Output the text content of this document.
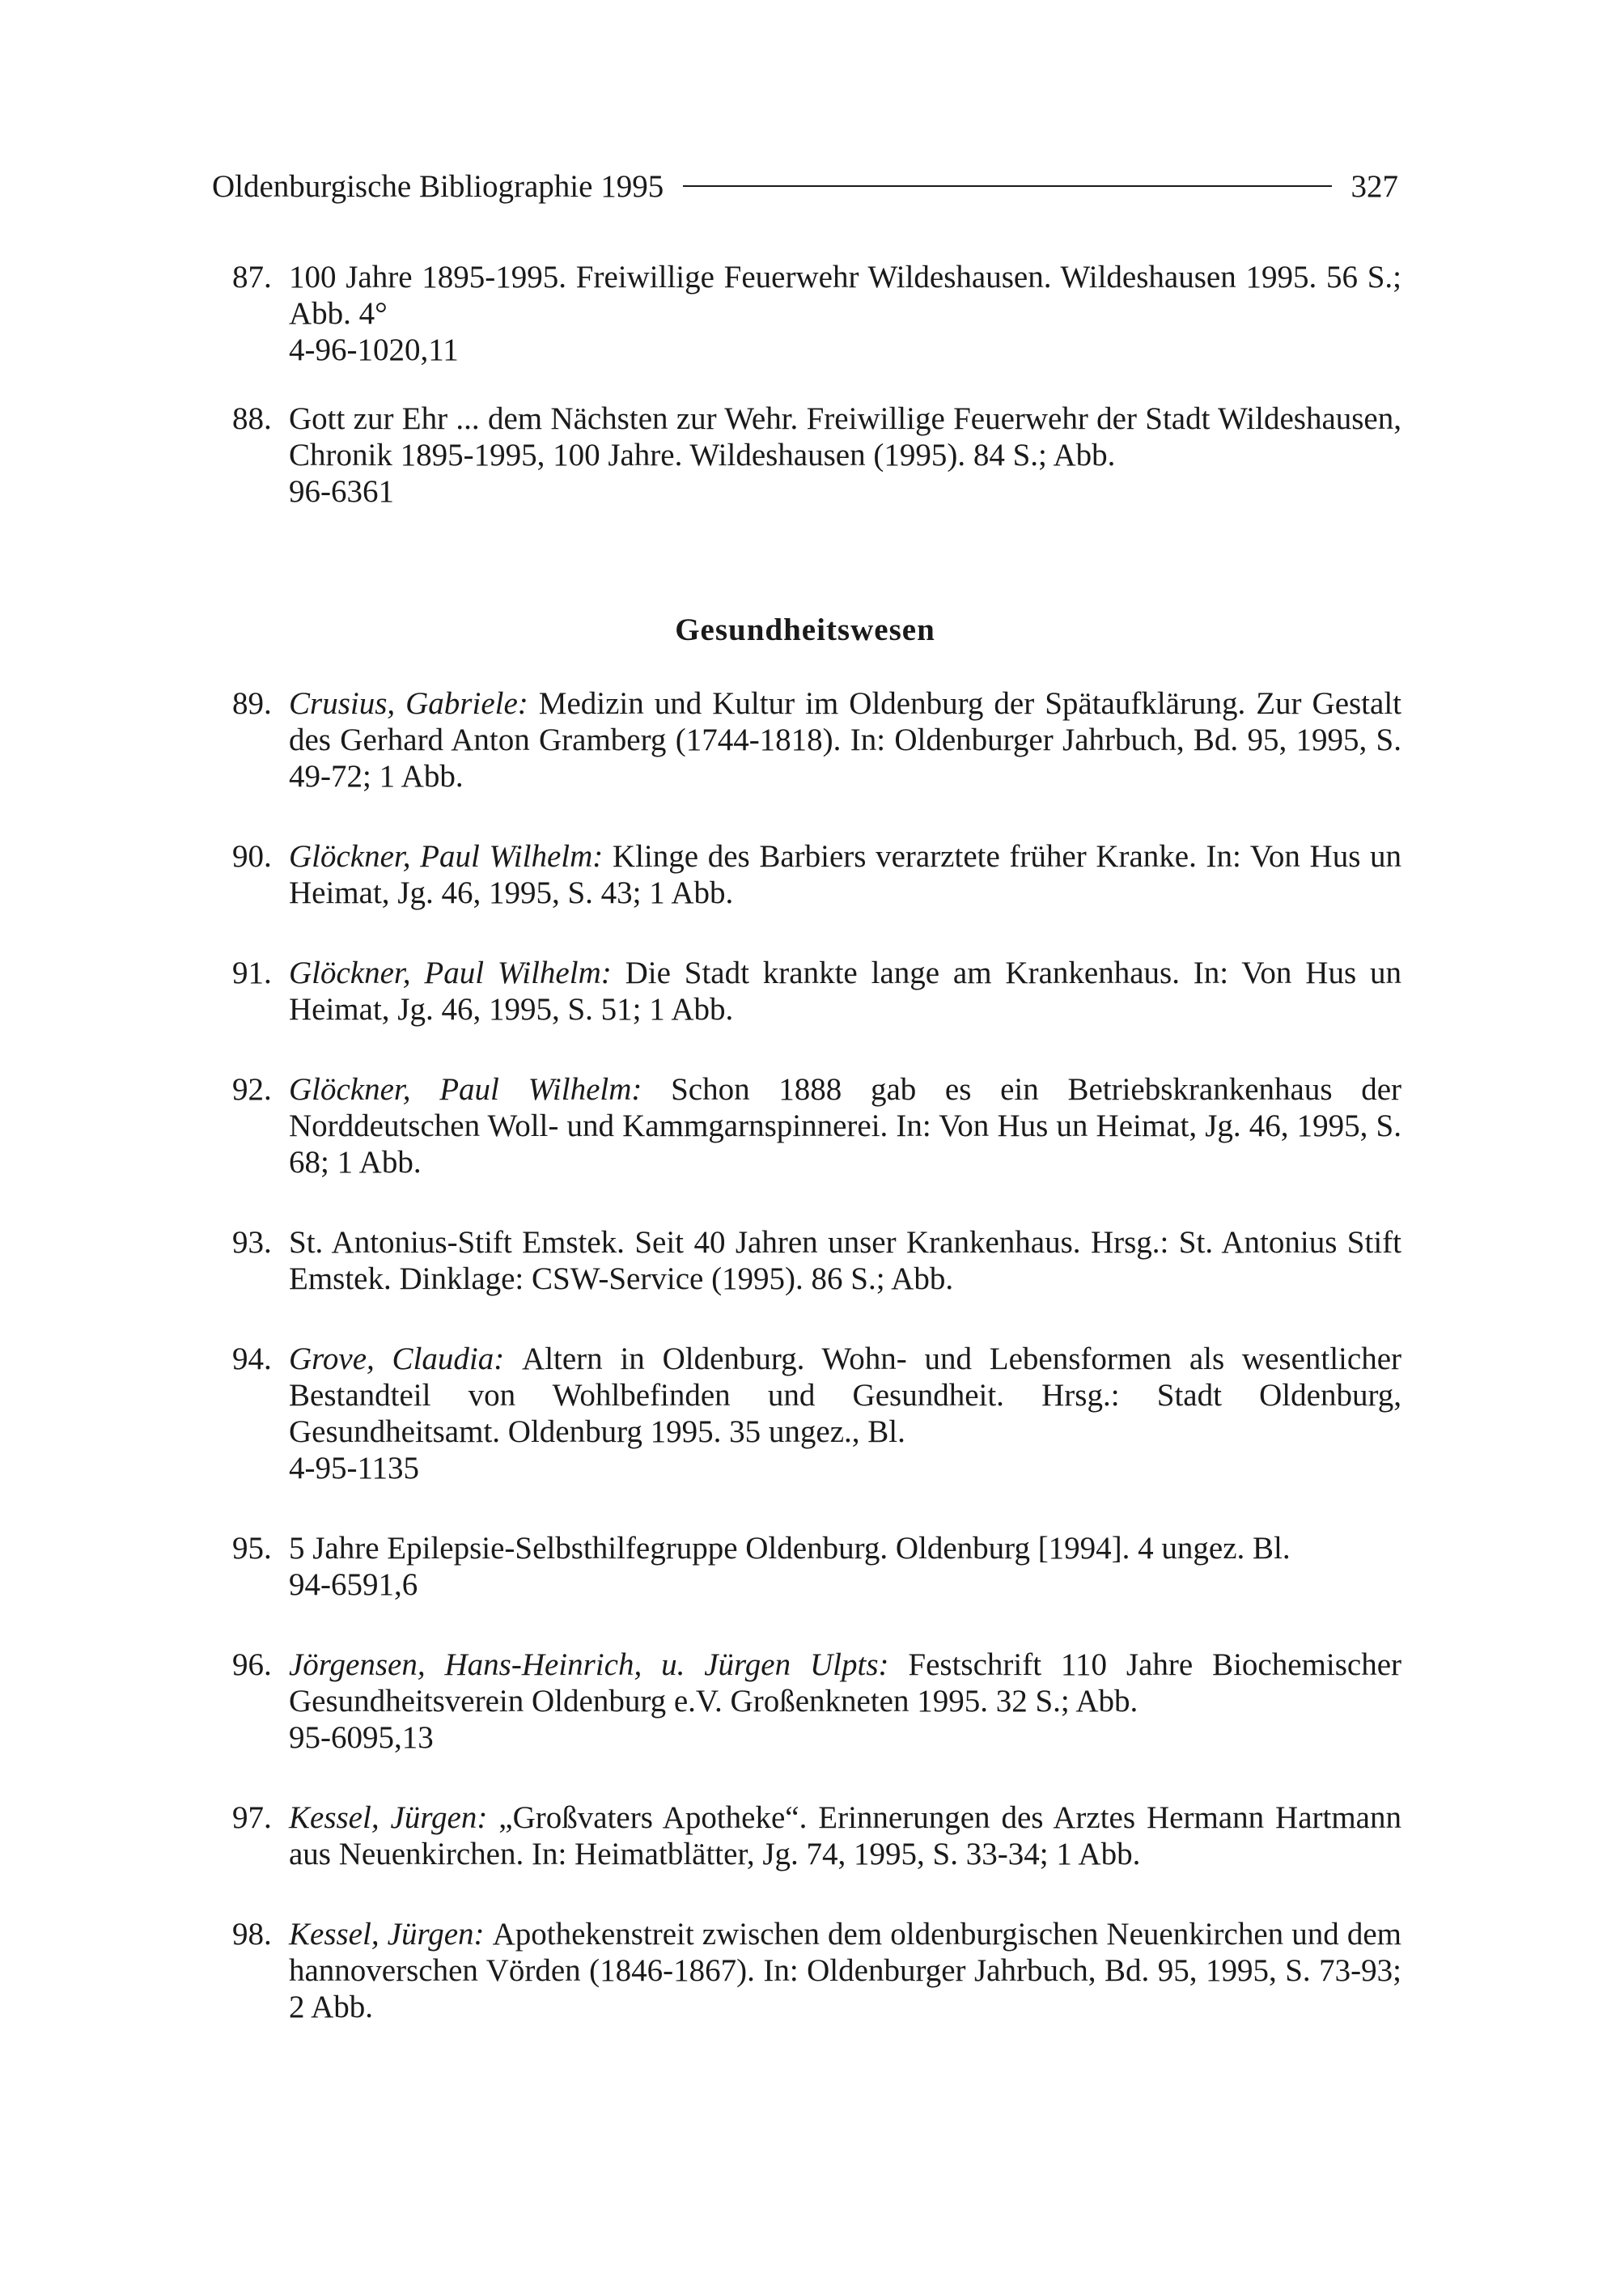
Oldenburgische Bibliographie 1995	327
87. 100 Jahre 1895-1995. Freiwillige Feuerwehr Wildeshausen. Wildeshausen 1995. 56 S.; Abb. 4°
4-96-1020,11
88. Gott zur Ehr ... dem Nächsten zur Wehr. Freiwillige Feuerwehr der Stadt Wildeshausen, Chronik 1895-1995, 100 Jahre. Wildeshausen (1995). 84 S.; Abb.
96-6361
Gesundheitswesen
89. Crusius, Gabriele: Medizin und Kultur im Oldenburg der Spätaufklärung. Zur Gestalt des Gerhard Anton Gramberg (1744-1818). In: Oldenburger Jahrbuch, Bd. 95, 1995, S. 49-72; 1 Abb.
90. Glöckner, Paul Wilhelm: Klinge des Barbiers verarztete früher Kranke. In: Von Hus un Heimat, Jg. 46, 1995, S. 43; 1 Abb.
91. Glöckner, Paul Wilhelm: Die Stadt krankte lange am Krankenhaus. In: Von Hus un Heimat, Jg. 46, 1995, S. 51; 1 Abb.
92. Glöckner, Paul Wilhelm: Schon 1888 gab es ein Betriebskrankenhaus der Norddeutschen Woll- und Kammgarnspinnerei. In: Von Hus un Heimat, Jg. 46, 1995, S. 68; 1 Abb.
93. St. Antonius-Stift Emstek. Seit 40 Jahren unser Krankenhaus. Hrsg.: St. Antonius Stift Emstek. Dinklage: CSW-Service (1995). 86 S.; Abb.
94. Grove, Claudia: Altern in Oldenburg. Wohn- und Lebensformen als wesentlicher Bestandteil von Wohlbefinden und Gesundheit. Hrsg.: Stadt Oldenburg, Gesundheitsamt. Oldenburg 1995. 35 ungez., Bl.
4-95-1135
95. 5 Jahre Epilepsie-Selbsthilfegruppe Oldenburg. Oldenburg [1994]. 4 ungez. Bl.
94-6591,6
96. Jörgensen, Hans-Heinrich, u. Jürgen Ulpts: Festschrift 110 Jahre Biochemischer Gesundheitsverein Oldenburg e.V. Großenkneten 1995. 32 S.; Abb.
95-6095,13
97. Kessel, Jürgen: „Großvaters Apotheke“. Erinnerungen des Arztes Hermann Hartmann aus Neuenkirchen. In: Heimatblätter, Jg. 74, 1995, S. 33-34; 1 Abb.
98. Kessel, Jürgen: Apothekenstreit zwischen dem oldenburgischen Neuenkirchen und dem hannoverschen Vörden (1846-1867). In: Oldenburger Jahrbuch, Bd. 95, 1995, S. 73-93; 2 Abb.
